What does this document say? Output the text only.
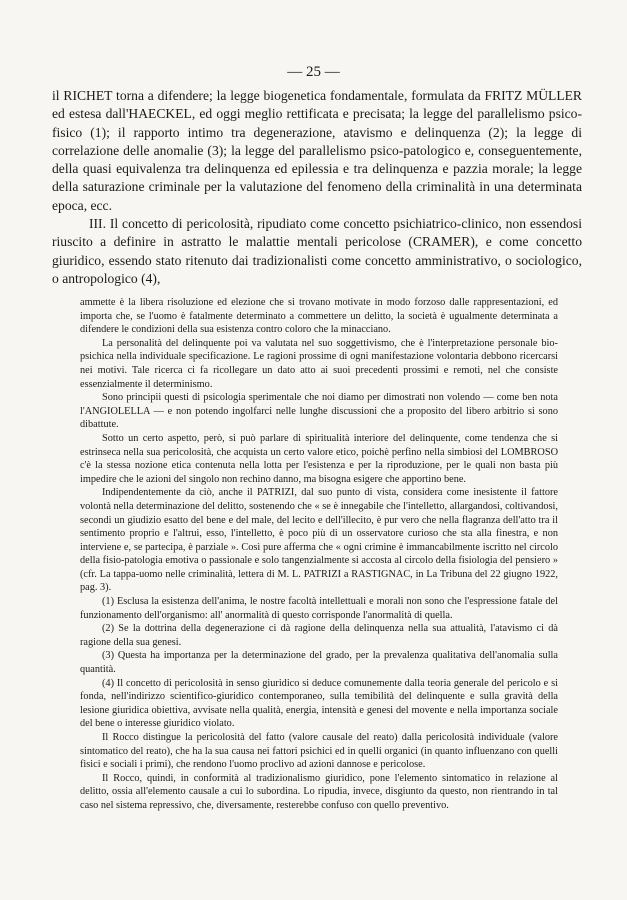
— 25 —

il RICHET torna a difendere; la legge biogenetica fondamentale, formulata da FRITZ MÜLLER ed estesa dall'HAECKEL, ed oggi meglio rettificata e precisata; la legge del parallelismo psico-fisico (1); il rapporto intimo tra degenerazione, atavismo e delinquenza (2); la legge di correlazione delle anomalie (3); la legge del parallelismo psico-patologico e, conseguentemente, della quasi equivalenza tra delinquenza ed epilessia e tra delinquenza e pazzia morale; la legge della saturazione criminale per la valutazione del fenomeno della criminalità in una determinata epoca, ecc.

III. Il concetto di pericolosità, ripudiato come concetto psichiatrico-clinico, non essendosi riuscito a definire in astratto le malattie mentali pericolose (CRAMER), e come concetto giuridico, essendo stato ritenuto dai tradizionalisti come concetto amministrativo, o sociologico, o antropologico (4),

ammette è la libera risoluzione ed elezione che si trovano motivate in modo forzoso dalle rappresentazioni, ed importa che, se l'uomo è fatalmente determinato a commettere un delitto, la società è ugualmente determinata a difendere le condizioni della sua esistenza contro coloro che la minacciano.

La personalità del delinquente poi va valutata nel suo soggettivismo, che è l'interpretazione personale bio-psichica nella individuale specificazione. Le ragioni prossime di ogni manifestazione volontaria debbono ricercarsi nei motivi. Tale ricerca ci fa ricollegare un dato atto ai suoi precedenti prossimi e remoti, nel che consiste essenzialmente il determinismo.

Sono principii questi di psicologia sperimentale che noi diamo per dimostrati non volendo — come ben nota l'ANGIOLELLA — e non potendo ingolfarci nelle lunghe discussioni che a proposito del libero arbitrio si sono dibattute.

Sotto un certo aspetto, però, si può parlare di spiritualità interiore del delinquente, come tendenza che si estrinseca nella sua pericolosità, che acquista un certo valore etico, poichè perfino nella simbiosi del LOMBROSO c'è la stessa nozione etica contenuta nella lotta per l'esistenza e per la riproduzione, per le quali non basta più impedire che le azioni del singolo non rechino danno, ma bisogna esigere che apportino bene.

Indipendentemente da ciò, anche il PATRIZI, dal suo punto di vista, considera come inesistente il fattore volontà nella determinazione del delitto, sostenendo che « se è innegabile che l'intelletto, allargandosi, coltivandosi, secondi un giudizio esatto del bene e del male, del lecito e dell'illecito, è pur vero che nella flagranza dell'atto tra il sentimento proprio e l'altrui, esso, l'intelletto, è poco più di un osservatore curioso che sta alla finestra, e non interviene e, se partecipa, è parziale ». Così pure afferma che « ogni crimine è immancabilmente iscritto nel circolo della fisio-patologia emotiva o passionale e solo tangenzialmente si accosta al circolo della fisiologia del pensiero » (cfr. La tappa-uomo nelle criminalità, lettera di M. L. PATRIZI a RASTIGNAC, in La Tribuna del 22 giugno 1922, pag. 3).

(1) Esclusa la esistenza dell'anima, le nostre facoltà intellettuali e morali non sono che l'espressione fatale del funzionamento dell'organismo: all' anormalità di questo corrisponde l'anormalità di quella.

(2) Se la dottrina della degenerazione ci dà ragione della delinquenza nella sua attualità, l'atavismo ci dà ragione della sua genesi.

(3) Questa ha importanza per la determinazione del grado, per la prevalenza qualitativa dell'anomalia sulla quantità.

(4) Il concetto di pericolosità in senso giuridico si deduce comunemente dalla teoria generale del pericolo e si fonda, nell'indirizzo scientifico-giuridico contemporaneo, sulla temibilità del delinquente e sulla gravità della lesione giuridica obiettiva, avvisate nella qualità, energia, intensità e genesi del movente e nella importanza sociale del bene o interesse giuridico violato.

Il Rocco distingue la pericolosità del fatto (valore causale del reato) dalla pericolosità individuale (valore sintomatico del reato), che ha la sua causa nei fattori psichici ed in quelli organici (in quanto influenzano con quelli fisici e sociali i primi), che rendono l'uomo proclivo ad azioni dannose e pericolose.

Il Rocco, quindi, in conformità al tradizionalismo giuridico, pone l'elemento sintomatico in relazione al delitto, ossia all'elemento causale a cui lo subordina. Lo ripudia, invece, disgiunto da questo, non rientrando in tal caso nel sistema repressivo, che, diversamente, resterebbe confuso con quello preventivo.
